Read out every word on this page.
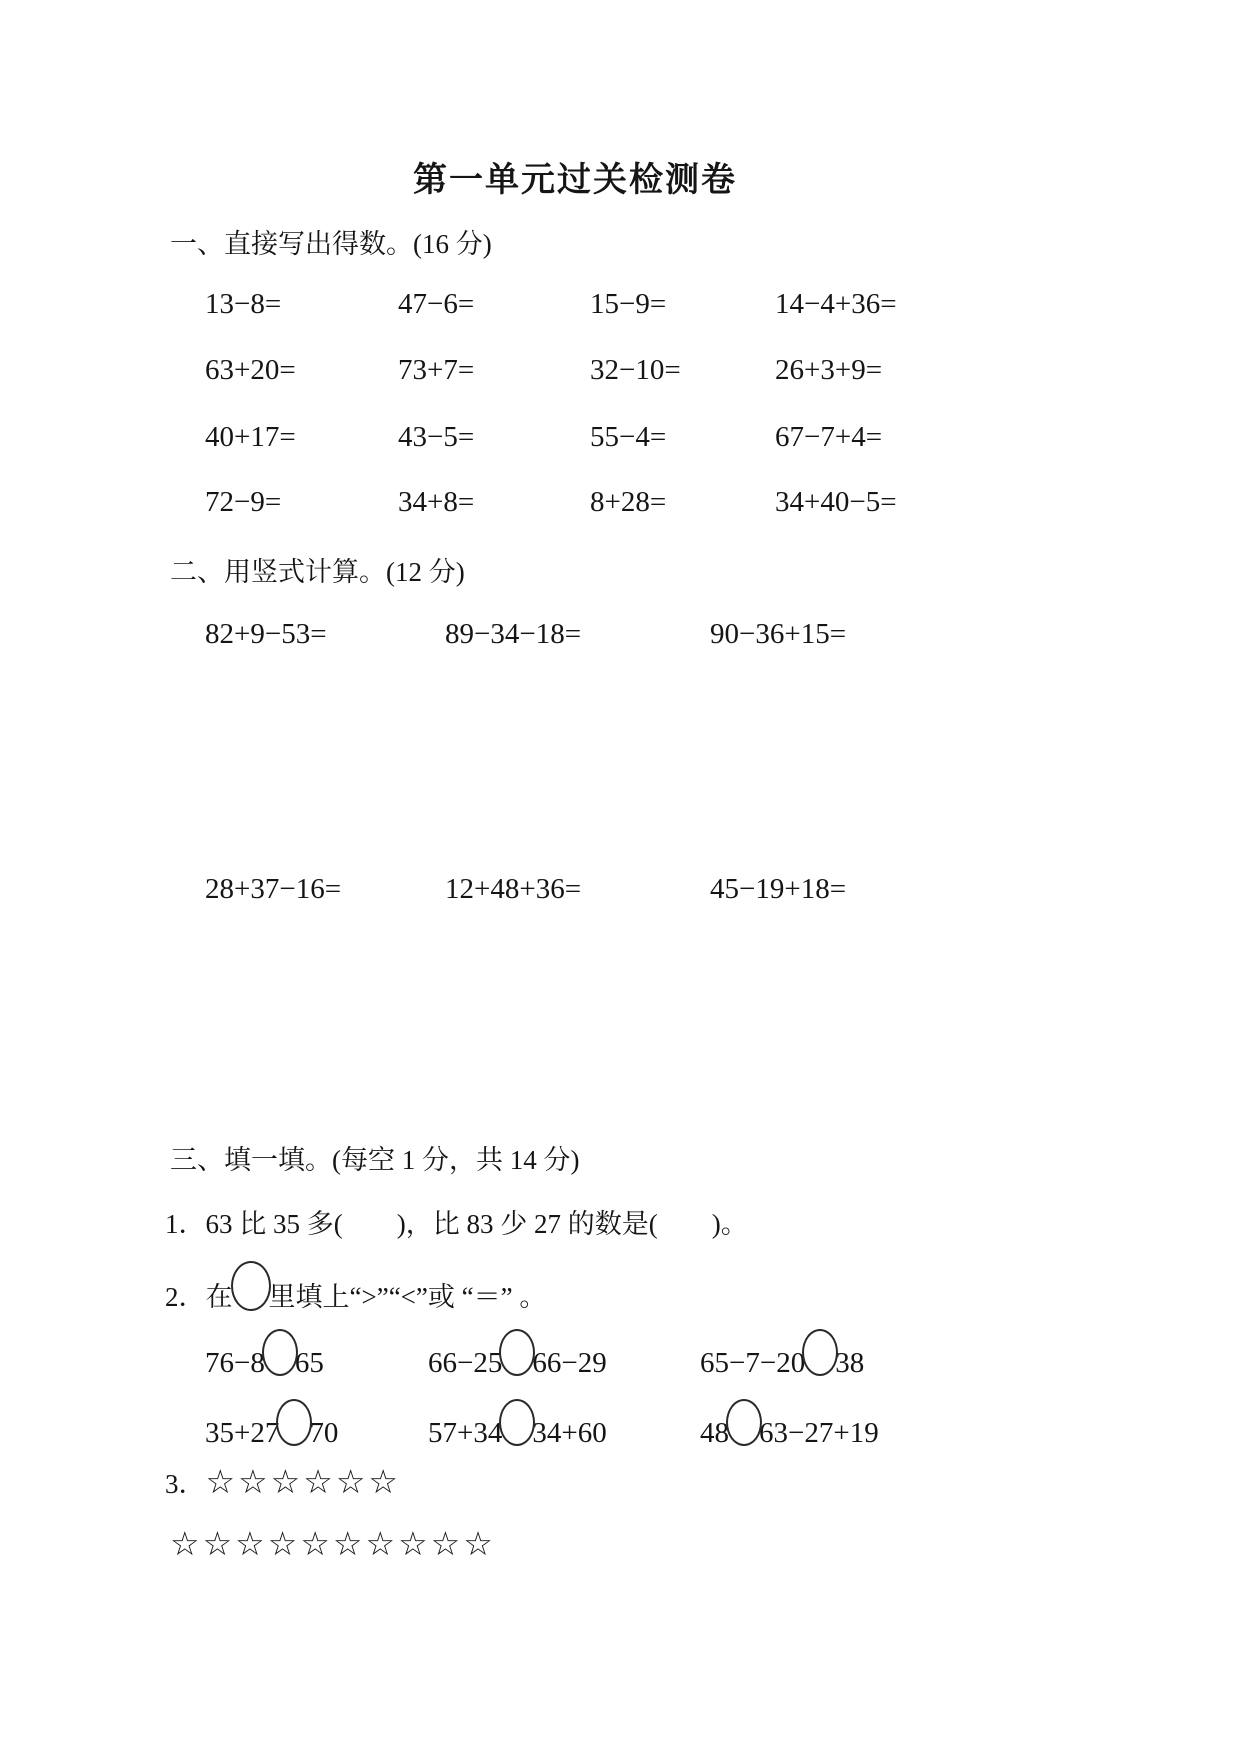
第一单元过关检测卷
一、直接写出得数。(16 分)
13−8=	47−6=	15−9=	14−4+36=
63+20=	73+7=	32−10=	26+3+9=
40+17=	43−5=	55−4=	67−7+4=
72−9=	34+8=	8+28=	34+40−5=
二、用竖式计算。(12 分)
82+9−53=	89−34−18=	90−36+15=
28+37−16=	12+48+36=	45−19+18=
三、填一填。(每空 1 分，共 14 分)
1．63 比 35 多(　　)，比 83 少 27 的数是(　　)。
2．在 里填上“>”“<”或 “＝” 。
76−8 65	66−25 66−29	65−7−20 38
35+27 70	57+34 34+60	48 63−27+19
3．☆☆☆☆☆☆
☆☆☆☆☆☆☆☆☆☆
